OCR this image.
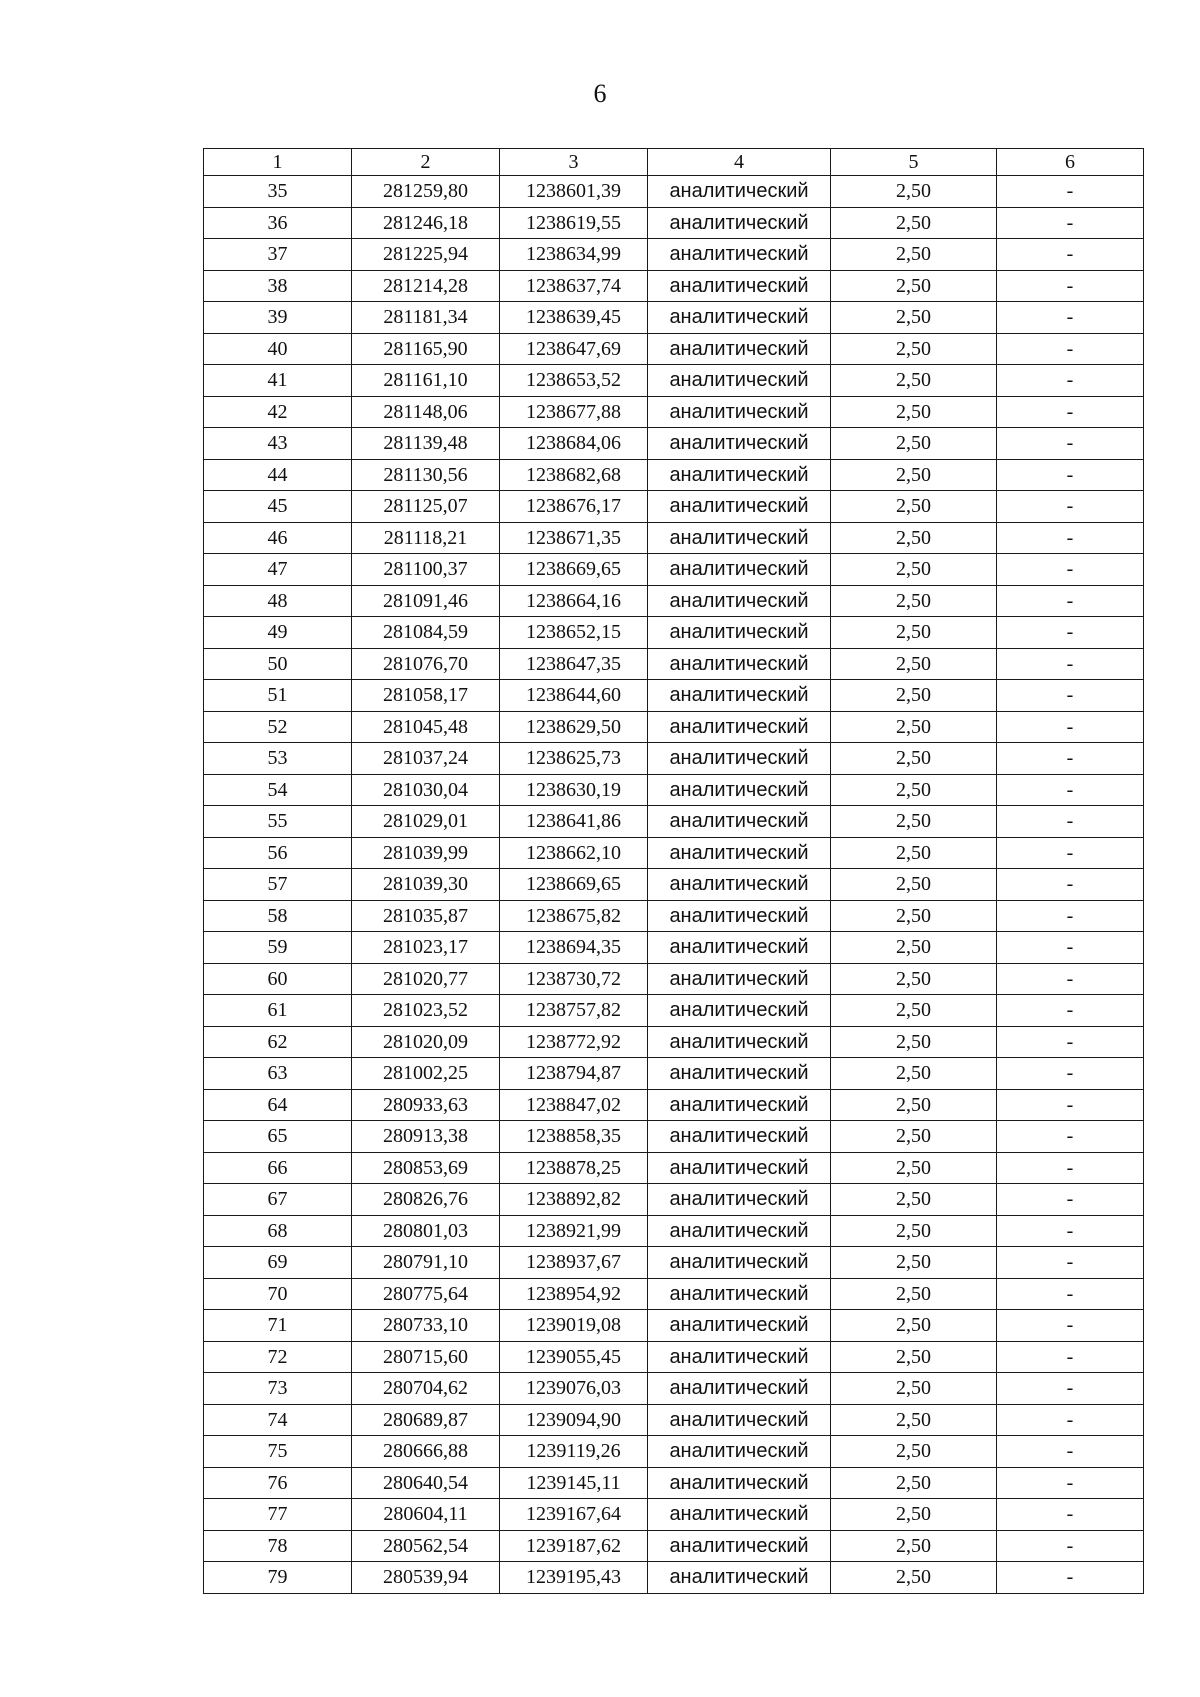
6
1	2	3	4	5	6
35	281259,80	1238601,39	аналитический	2,50	-
36	281246,18	1238619,55	аналитический	2,50	-
37	281225,94	1238634,99	аналитический	2,50	-
38	281214,28	1238637,74	аналитический	2,50	-
39	281181,34	1238639,45	аналитический	2,50	-
40	281165,90	1238647,69	аналитический	2,50	-
41	281161,10	1238653,52	аналитический	2,50	-
42	281148,06	1238677,88	аналитический	2,50	-
43	281139,48	1238684,06	аналитический	2,50	-
44	281130,56	1238682,68	аналитический	2,50	-
45	281125,07	1238676,17	аналитический	2,50	-
46	281118,21	1238671,35	аналитический	2,50	-
47	281100,37	1238669,65	аналитический	2,50	-
48	281091,46	1238664,16	аналитический	2,50	-
49	281084,59	1238652,15	аналитический	2,50	-
50	281076,70	1238647,35	аналитический	2,50	-
51	281058,17	1238644,60	аналитический	2,50	-
52	281045,48	1238629,50	аналитический	2,50	-
53	281037,24	1238625,73	аналитический	2,50	-
54	281030,04	1238630,19	аналитический	2,50	-
55	281029,01	1238641,86	аналитический	2,50	-
56	281039,99	1238662,10	аналитический	2,50	-
57	281039,30	1238669,65	аналитический	2,50	-
58	281035,87	1238675,82	аналитический	2,50	-
59	281023,17	1238694,35	аналитический	2,50	-
60	281020,77	1238730,72	аналитический	2,50	-
61	281023,52	1238757,82	аналитический	2,50	-
62	281020,09	1238772,92	аналитический	2,50	-
63	281002,25	1238794,87	аналитический	2,50	-
64	280933,63	1238847,02	аналитический	2,50	-
65	280913,38	1238858,35	аналитический	2,50	-
66	280853,69	1238878,25	аналитический	2,50	-
67	280826,76	1238892,82	аналитический	2,50	-
68	280801,03	1238921,99	аналитический	2,50	-
69	280791,10	1238937,67	аналитический	2,50	-
70	280775,64	1238954,92	аналитический	2,50	-
71	280733,10	1239019,08	аналитический	2,50	-
72	280715,60	1239055,45	аналитический	2,50	-
73	280704,62	1239076,03	аналитический	2,50	-
74	280689,87	1239094,90	аналитический	2,50	-
75	280666,88	1239119,26	аналитический	2,50	-
76	280640,54	1239145,11	аналитический	2,50	-
77	280604,11	1239167,64	аналитический	2,50	-
78	280562,54	1239187,62	аналитический	2,50	-
79	280539,94	1239195,43	аналитический	2,50	-
